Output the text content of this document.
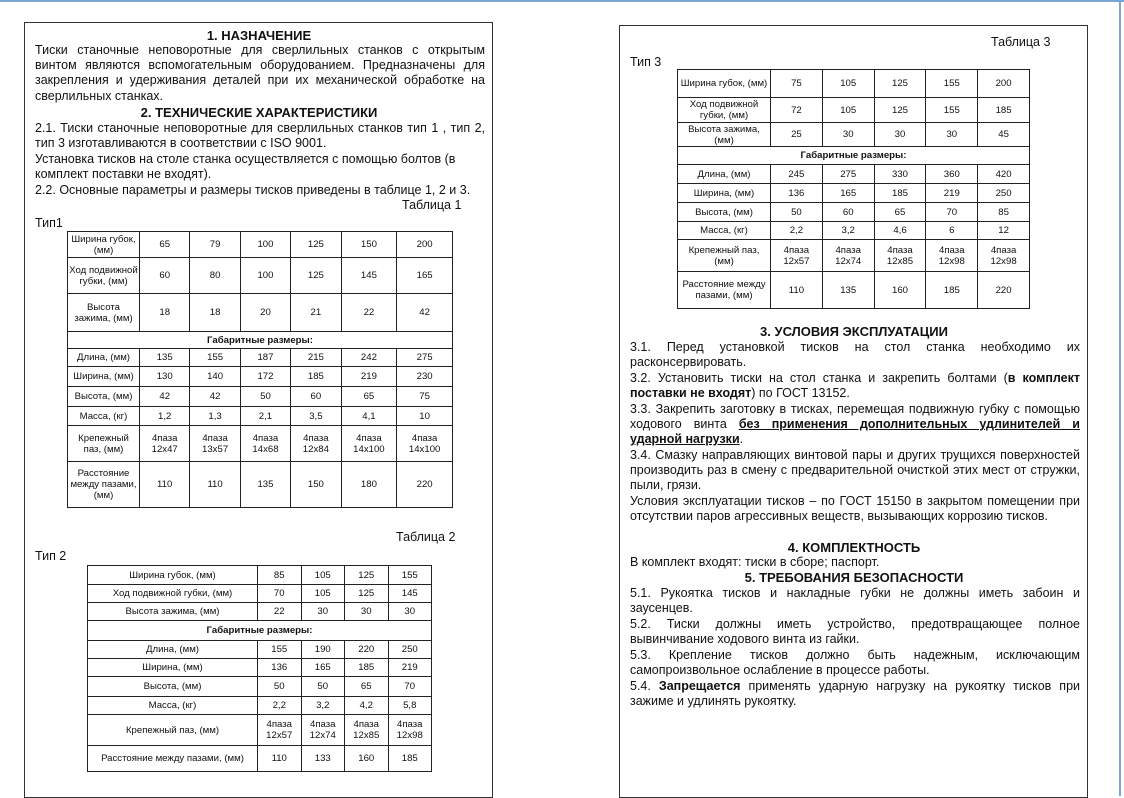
1. НАЗНАЧЕНИЕ
Тиски станочные неповоротные для сверлильных станков с открытым винтом являются вспомогательным оборудованием. Предназначены для закрепления и удерживания деталей при их механической обработке на сверлильных станках.
2. ТЕХНИЧЕСКИЕ ХАРАКТЕРИСТИКИ
2.1. Тиски станочные неповоротные для сверлильных станков тип 1 , тип 2, тип 3 изготавливаются в соответствии с ISO 9001.
Установка тисков на столе станка осуществляется с помощью болтов (в комплект поставки не входят).
2.2. Основные параметры и размеры тисков приведены в таблице 1, 2 и 3.
Таблица 1
Тип1
Ширина губок, (мм)	65	79	100	125	150	200
Ход подвижной губки, (мм)	60	80	100	125	145	165
Высота зажима, (мм)	18	18	20	21	22	42
Габаритные размеры:						
Длина, (мм)	135	155	187	215	242	275
Ширина, (мм)	130	140	172	185	219	230
Высота, (мм)	42	42	50	60	65	75
Масса, (кг)	1,2	1,3	2,1	3,5	4,1	10
Крепежный паз, (мм)	4паза 12х47	4паза 13х57	4паза 14х68	4паза 12х84	4паза 14х100	4паза 14х100
Расстояние между пазами, (мм)	110	110	135	150	180	220
Таблица 2
Тип 2
Ширина губок, (мм)	85	105	125	155
Ход подвижной губки, (мм)	70	105	125	145
Высота зажима, (мм)	22	30	30	30
Габаритные размеры:				
Длина, (мм)	155	190	220	250
Ширина, (мм)	136	165	185	219
Высота, (мм)	50	50	65	70
Масса, (кг)	2,2	3,2	4,2	5,8
Крепежный паз, (мм)	4паза 12х57	4паза 12х74	4паза 12х85	4паза 12х98
Расстояние между пазами, (мм)	110	133	160	185
Таблица 3
Тип 3
Ширина губок, (мм)	75	105	125	155	200
Ход подвижной губки, (мм)	72	105	125	155	185
Высота зажима, (мм)	25	30	30	30	45
Габаритные размеры:					
Длина, (мм)	245	275	330	360	420
Ширина, (мм)	136	165	185	219	250
Высота, (мм)	50	60	65	70	85
Масса, (кг)	2,2	3,2	4,6	6	12
Крепежный паз, (мм)	4паза 12х57	4паза 12х74	4паза 12х85	4паза 12х98	4паза 12х98
Расстояние между пазами, (мм)	110	135	160	185	220
3. УСЛОВИЯ ЭКСПЛУАТАЦИИ
3.1. Перед установкой тисков на стол станка необходимо их расконсервировать.
3.2. Установить тиски на стол станка и закрепить болтами (в комплект поставки не входят) по ГОСТ 13152.
3.3. Закрепить заготовку в тисках, перемещая подвижную губку с помощью ходового винта без применения дополнительных удлинителей и ударной нагрузки.
3.4. Смазку направляющих винтовой пары и других трущихся поверхностей производить раз в смену с предварительной очисткой этих мест от стружки, пыли, грязи.
Условия эксплуатации тисков – по ГОСТ 15150 в закрытом помещении при отсутствии паров агрессивных веществ, вызывающих коррозию тисков.
4. КОМПЛЕКТНОСТЬ
В комплект входят: тиски в сборе; паспорт.
5. ТРЕБОВАНИЯ БЕЗОПАСНОСТИ
5.1. Рукоятка тисков и накладные губки не должны иметь забоин и заусенцев.
5.2. Тиски должны иметь устройство, предотвращающее полное вывинчивание ходового винта из гайки.
5.3. Крепление тисков должно быть надежным, исключающим самопроизвольное ослабление в процессе работы.
5.4. Запрещается применять ударную нагрузку на рукоятку тисков при зажиме и удлинять рукоятку.
